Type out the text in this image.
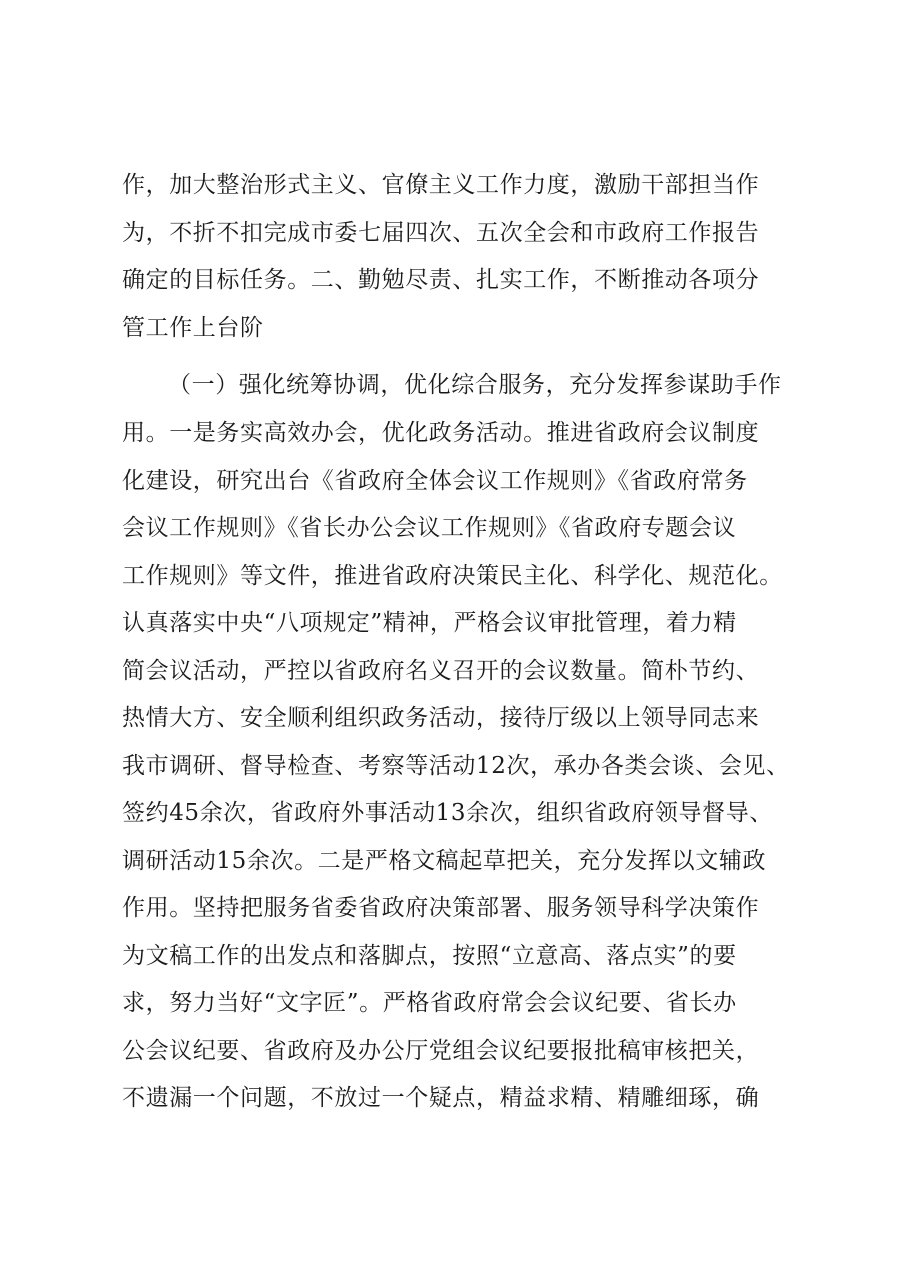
作，加大整治形式主义、官僚主义工作力度，激励干部担当作
为，不折不扣完成市委七届四次、五次全会和市政府工作报告
确定的目标任务。二、勤勉尽责、扎实工作，不断推动各项分
管工作上台阶
（一）强化统筹协调，优化综合服务，充分发挥参谋助手作
用。一是务实高效办会，优化政务活动。推进省政府会议制度
化建设，研究出台《省政府全体会议工作规则》《省政府常务
会议工作规则》《省长办公会议工作规则》《省政府专题会议
工作规则》等文件，推进省政府决策民主化、科学化、规范化。
认真落实中央“八项规定”精神，严格会议审批管理，着力精
简会议活动，严控以省政府名义召开的会议数量。简朴节约、
热情大方、安全顺利组织政务活动，接待厅级以上领导同志来
我市调研、督导检查、考察等活动12次，承办各类会谈、会见、
签约45余次，省政府外事活动13余次，组织省政府领导督导、
调研活动15余次。二是严格文稿起草把关，充分发挥以文辅政
作用。坚持把服务省委省政府决策部署、服务领导科学决策作
为文稿工作的出发点和落脚点，按照“立意高、落点实”的要
求，努力当好“文字匠”。严格省政府常会会议纪要、省长办
公会议纪要、省政府及办公厅党组会议纪要报批稿审核把关，
不遗漏一个问题，不放过一个疑点，精益求精、精雕细琢，确
